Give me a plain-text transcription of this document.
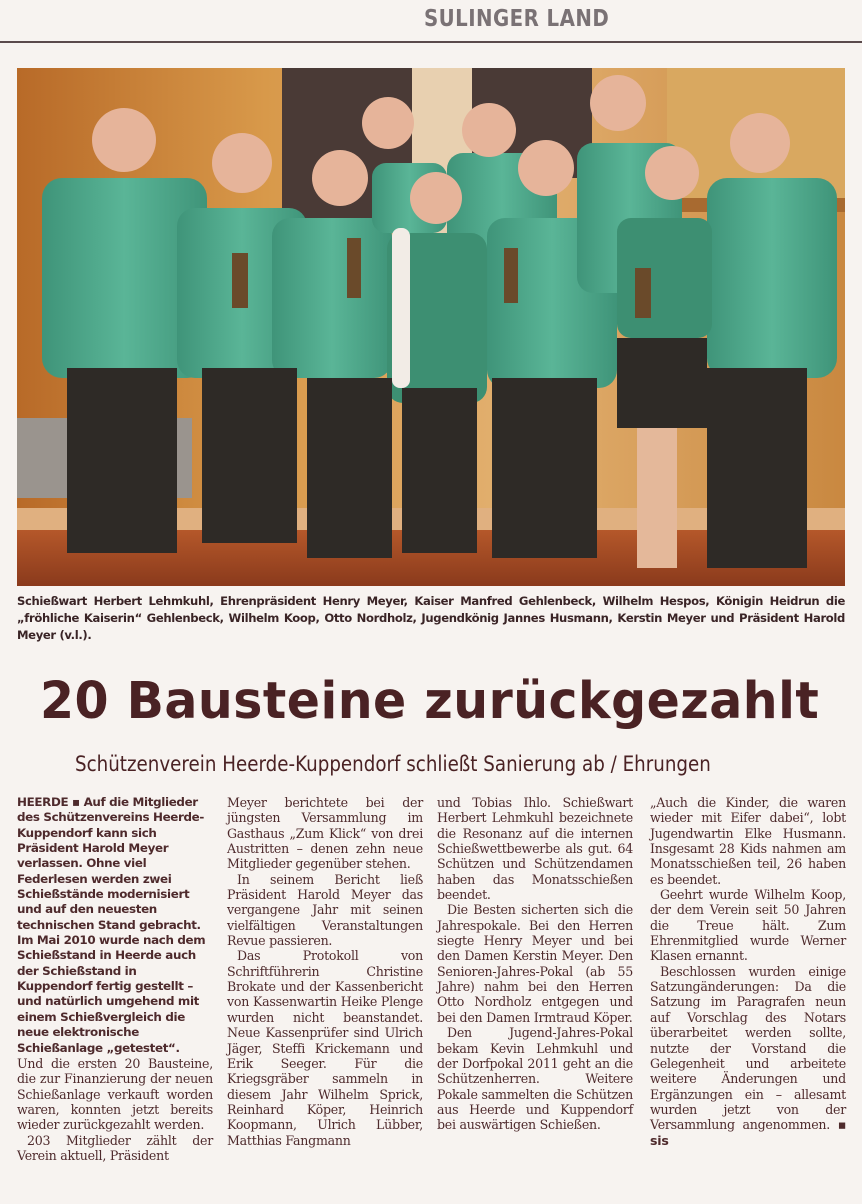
SULINGER LAND
Schießwart Herbert Lehmkuhl, Ehrenpräsident Henry Meyer, Kaiser Manfred Gehlenbeck, Wilhelm Hespos, Königin Heidrun die „fröhliche Kaiserin“ Gehlenbeck, Wilhelm Koop, Otto Nordholz, Jugendkönig Jannes Husmann, Kerstin Meyer und Präsident Harold Meyer (v.l.).
20 Bausteine zurückgezahlt
Schützenverein Heerde-Kuppendorf schließt Sanierung ab / Ehrungen

HEERDE ▪ Auf die Mitglieder des Schützenvereins Heerde-Kuppendorf kann sich Präsident Harold Meyer verlassen. Ohne viel Federlesen werden zwei Schießstände modernisiert und auf den neuesten technischen Stand gebracht. Im Mai 2010 wurde nach dem Schießstand in Heerde auch der Schießstand in Kuppendorf fertig gestellt – und natürlich umgehend mit einem Schießvergleich die neue elektronische Schießanlage „getestet“.

Und die ersten 20 Bausteine, die zur Finanzierung der neuen Schießanlage verkauft worden waren, konnten jetzt bereits wieder zurückgezahlt werden.

203 Mitglieder zählt der Verein aktuell, Präsident

Meyer berichtete bei der jüngsten Versammlung im Gasthaus „Zum Klick“ von drei Austritten – denen zehn neue Mitglieder gegenüber stehen.

In seinem Bericht ließ Präsident Harold Meyer das vergangene Jahr mit seinen vielfältigen Veranstaltungen Revue passieren.

Das Protokoll von Schriftführerin Christine Brokate und der Kassenbericht von Kassenwartin Heike Plenge wurden nicht beanstandet. Neue Kassenprüfer sind Ulrich Jäger, Steffi Krickemann und Erik Seeger. Für die Kriegsgräber sammeln in diesem Jahr Wilhelm Sprick, Reinhard Köper, Heinrich Koopmann, Ulrich Lübber, Matthias Fangmann

und Tobias Ihlo. Schießwart Herbert Lehmkuhl bezeichnete die Resonanz auf die internen Schießwettbewerbe als gut. 64 Schützen und Schützendamen haben das Monatsschießen beendet.

Die Besten sicherten sich die Jahrespokale. Bei den Herren siegte Henry Meyer und bei den Damen Kerstin Meyer. Den Senioren-Jahres-Pokal (ab 55 Jahre) nahm bei den Herren Otto Nordholz entgegen und bei den Damen Irmtraud Köper.

Den Jugend-Jahres-Pokal bekam Kevin Lehmkuhl und der Dorfpokal 2011 geht an die Schützenherren. Weitere Pokale sammelten die Schützen aus Heerde und Kuppendorf bei auswärtigen Schießen.

„Auch die Kinder, die waren wieder mit Eifer dabei“, lobt Jugendwartin Elke Husmann. Insgesamt 28 Kids nahmen am Monatsschießen teil, 26 haben es beendet.

Geehrt wurde Wilhelm Koop, der dem Verein seit 50 Jahren die Treue hält. Zum Ehrenmitglied wurde Werner Klasen ernannt.

Beschlossen wurden einige Satzungänderungen: Da die Satzung im Paragrafen neun auf Vorschlag des Notars überarbeitet werden sollte, nutzte der Vorstand die Gelegenheit und arbeitete weitere Änderungen und Ergänzungen ein – allesamt wurden jetzt von der Versammlung angenommen. ▪ sis
